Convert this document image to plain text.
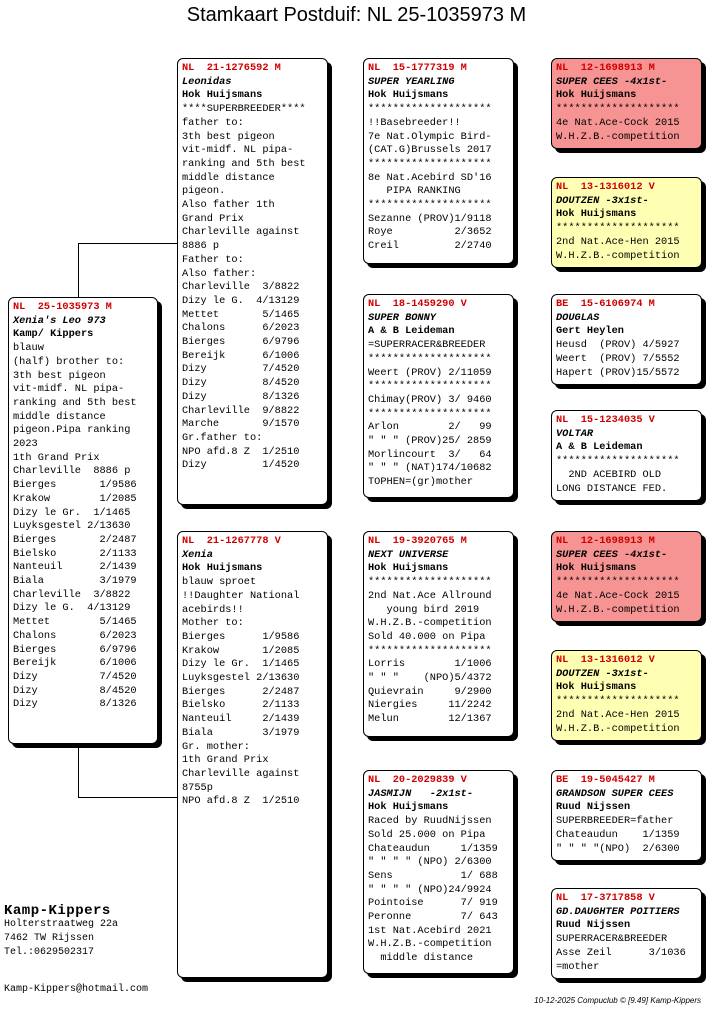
Stamkaart Postduif: NL 25-1035973 M
NL  25-1035973 M
Xenia's Leo 973
Kamp/ Kippers
blauw
(half) brother to:
3th best pigeon
vit-midf. NL pipa-
ranking and 5th best
middle distance
pigeon.Pipa ranking
2023
1th Grand Prix
Charleville  8886 p
Bierges       1/9586
Krakow        1/2085
Dizy le Gr.  1/1465
Luyksgestel 2/13630
Bierges       2/2487
Bielsko       2/1133
Nanteuil      2/1439
Biala         3/1979
Charleville  3/8822
Dizy le G.  4/13129
Mettet        5/1465
Chalons       6/2023
Bierges       6/9796
Bereijk       6/1006
Dizy          7/4520
Dizy          8/4520
Dizy          8/1326
NL  21-1276592 M
Leonidas
Hok Huijsmans
****SUPERBREEDER****
father to:
3th best pigeon
vit-midf. NL pipa-
ranking and 5th best
middle distance
pigeon.
Also father 1th
Grand Prix
Charleville against
8886 p
Father to:
Also father:
Charleville  3/8822
Dizy le G.  4/13129
Mettet       5/1465
Chalons      6/2023
Bierges      6/9796
Bereijk      6/1006
Dizy         7/4520
Dizy         8/4520
Dizy         8/1326
Charleville  9/8822
Marche       9/1570
Gr.father to:
NPO afd.8 Z  1/2510
Dizy         1/4520
NL  21-1267778 V
Xenia
Hok Huijsmans
blauw sproet
!!Daughter National
acebirds!!
Mother to:
Bierges      1/9586
Krakow       1/2085
Dizy le Gr.  1/1465
Luyksgestel 2/13630
Bierges      2/2487
Bielsko      2/1133
Nanteuil     2/1439
Biala        3/1979
Gr. mother:
1th Grand Prix
Charleville against
8755p
NPO afd.8 Z  1/2510
NL  15-1777319 M
SUPER YEARLING
Hok Huijsmans
********************
!!Basebreeder!!
7e Nat.Olympic Bird-
(CAT.G)Brussels 2017
********************
8e Nat.Acebird SD'16
PIPA RANKING
********************
Sezanne (PROV)1/9118
Roye          2/3652
Creil         2/2740
NL  18-1459290 V
SUPER BONNY
A & B Leideman
=SUPERRACER&BREEDER
********************
Weert (PROV) 2/11059
********************
Chimay(PROV) 3/ 9460
********************
Arlon        2/   99
" " " (PROV)25/ 2859
Morlincourt  3/   64
" " " (NAT)174/10682
TOPHEN=(gr)mother
NL  19-3920765 M
NEXT UNIVERSE
Hok Huijsmans
********************
2nd Nat.Ace Allround
young bird 2019
W.H.Z.B.-competition
Sold 40.000 on Pipa
********************
Lorris        1/1006
" " "    (NPO)5/4372
Quievrain     9/2900
Niergies     11/2242
Melun        12/1367
NL  20-2029839 V
JASMIJN   -2x1st-
Hok Huijsmans
Raced by RuudNijssen
Sold 25.000 on Pipa
Chateaudun     1/1359
" " " " (NPO) 2/6300
Sens           1/ 688
" " " " (NPO)24/9924
Pointoise      7/ 919
Peronne        7/ 643
1st Nat.Acebird 2021
W.H.Z.B.-competition
middle distance
NL  12-1698913 M
SUPER CEES -4x1st-
Hok Huijsmans
********************
4e Nat.Ace-Cock 2015
W.H.Z.B.-competition
NL  13-1316012 V
DOUTZEN -3x1st-
Hok Huijsmans
********************
2nd Nat.Ace-Hen 2015
W.H.Z.B.-competition
BE  15-6106974 M
DOUGLAS
Gert Heylen
Heusd  (PROV) 4/5927
Weert  (PROV) 7/5552
Hapert (PROV)15/5572
NL  15-1234035 V
VOLTAR
A & B Leideman
********************
2ND ACEBIRD OLD
LONG DISTANCE FED.
NL  12-1698913 M
SUPER CEES -4x1st-
Hok Huijsmans
********************
4e Nat.Ace-Cock 2015
W.H.Z.B.-competition
NL  13-1316012 V
DOUTZEN -3x1st-
Hok Huijsmans
********************
2nd Nat.Ace-Hen 2015
W.H.Z.B.-competition
BE  19-5045427 M
GRANDSON SUPER CEES
Ruud Nijssen
SUPERBREEDER=father
Chateaudun    1/1359
" " " "(NPO)  2/6300
NL  17-3717858 V
GD.DAUGHTER POITIERS
Ruud Nijssen
SUPERRACER&BREEDER
Asse Zeil      3/1036
=mother
Kamp-Kippers
Holterstraatweg 22a
7462 TW Rijssen
Tel.:0629502317
Kamp-Kippers@hotmail.com
10-12-2025 Compuclub © [9.49] Kamp-Kippers
